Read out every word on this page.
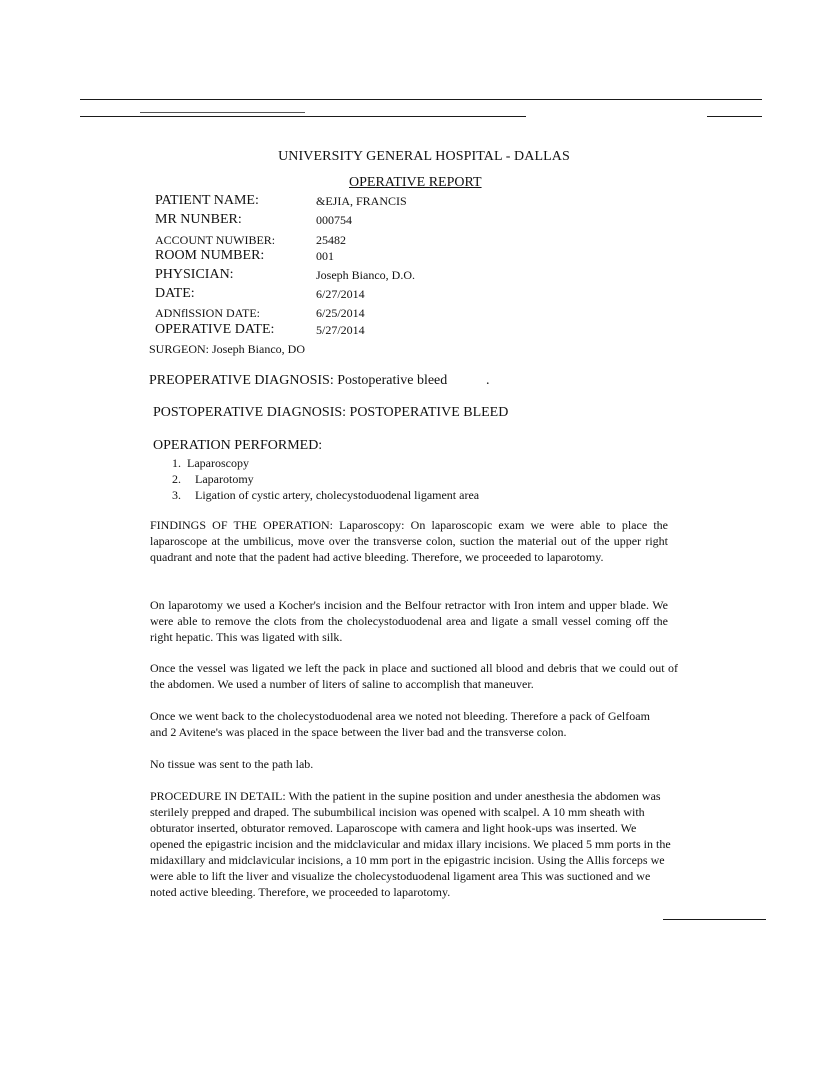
UNIVERSITY GENERAL HOSPITAL - DALLAS
OPERATIVE REPORT
PATIENT NAME:	&EJIA, FRANCIS
MR NUNBER:	000754
ACCOUNT NUWIBER:	25482
ROOM NUMBER:	001
PHYSICIAN:	Joseph Bianco, D.O.
DATE:	6/27/2014
ADNflSSION DATE:	6/25/2014
OPERATIVE DATE:	5/27/2014
SURGEON: Joseph Bianco, DO
PREOPERATIVE DIAGNOSIS: Postoperative bleed	.
POSTOPERATIVE DIAGNOSIS: POSTOPERATIVE BLEED
OPERATION PERFORMED:
1. Laparoscopy
2. Laparotomy
3. Ligation of cystic artery, cholecystoduodenal ligament area

FINDINGS OF THE OPERATION: Laparoscopy: On laparoscopic exam we were able to place the laparoscope at the umbilicus, move over the transverse colon, suction the material out of the upper right quadrant and note that the padent had active bleeding. Therefore, we proceeded to laparotomy.

On laparotomy we used a Kocher's incision and the Belfour retractor with Iron intem and upper blade. We were able to remove the clots from the cholecystoduodenal area and ligate a small vessel coming off the right hepatic. This was ligated with silk.

Once the vessel was ligated we left the pack in place and suctioned all blood and debris that we could out of the abdomen. We used a number of liters of saline to accomplish that maneuver.

Once we went back to the cholecystoduodenal area we noted not bleeding. Therefore a pack of Gelfoam and 2 Avitene's was placed in the space between the liver bad and the transverse colon.

No tissue was sent to the path lab.

PROCEDURE IN DETAIL: With the patient in the supine position and under anesthesia the abdomen was sterilely prepped and draped. The subumbilical incision was opened with scalpel. A 10 mm sheath with obturator inserted, obturator removed. Laparoscope with camera and light hook-ups was inserted. We opened the epigastric incision and the midclavicular and midax illary incisions. We placed 5 mm ports in the midaxillary and midclavicular incisions, a 10 mm port in the epigastric incision. Using the Allis forceps we were able to lift the liver and visualize the cholecystoduodenal ligament area This was suctioned and we noted active bleeding. Therefore, we proceeded to laparotomy.
